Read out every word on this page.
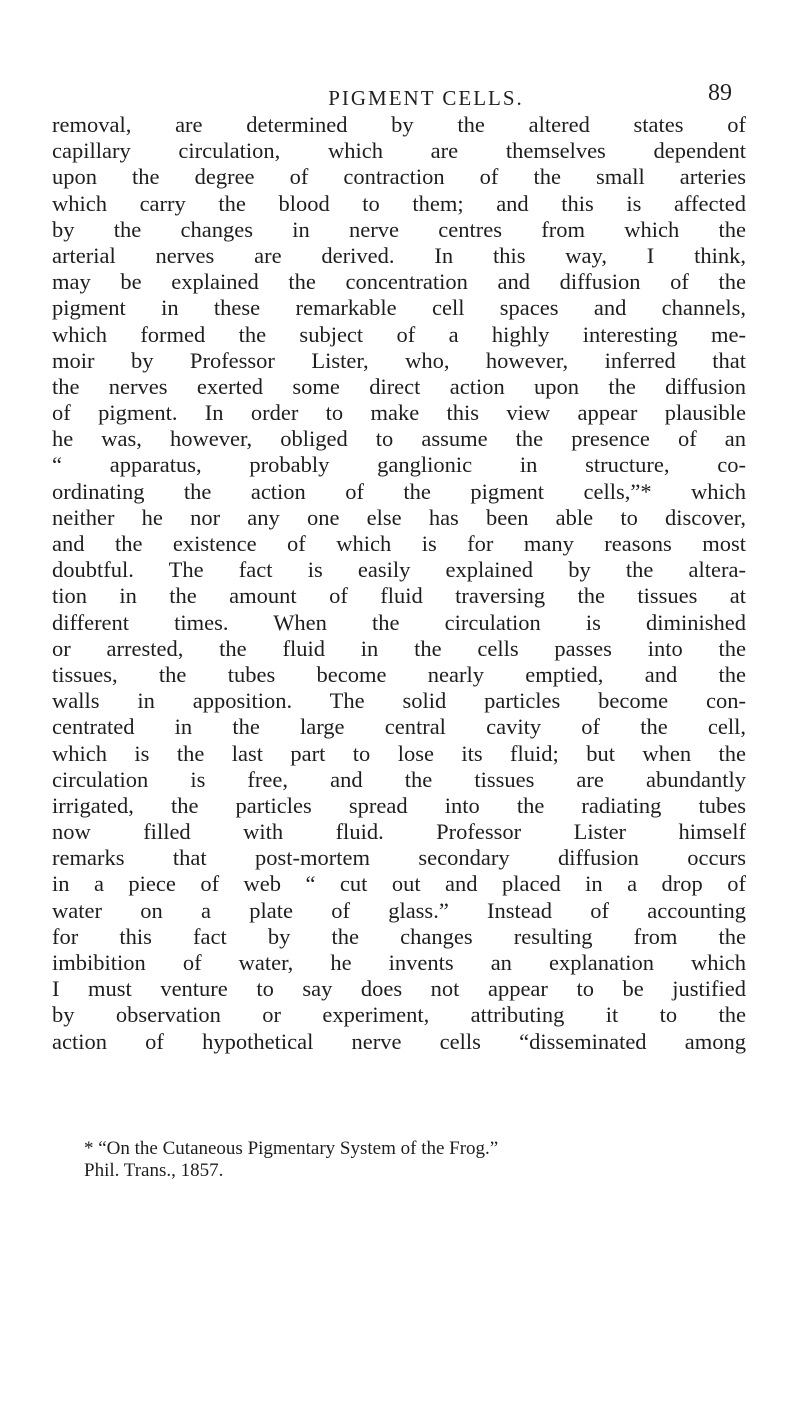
PIGMENT CELLS.	89
removal, are determined by the altered states of
capillary circulation, which are themselves dependent
upon the degree of contraction of the small arteries
which carry the blood to them; and this is affected
by the changes in nerve centres from which the
arterial nerves are derived. In this way, I think,
may be explained the concentration and diffusion of the
pigment in these remarkable cell spaces and channels,
which formed the subject of a highly interesting me-
moir by Professor Lister, who, however, inferred that
the nerves exerted some direct action upon the diffusion
of pigment. In order to make this view appear plausible
he was, however, obliged to assume the presence of an
“ apparatus, probably ganglionic in structure, co-
ordinating the action of the pigment cells,”* which
neither he nor any one else has been able to discover,
and the existence of which is for many reasons most
doubtful. The fact is easily explained by the altera-
tion in the amount of fluid traversing the tissues at
different times. When the circulation is diminished
or arrested, the fluid in the cells passes into the
tissues, the tubes become nearly emptied, and the
walls in apposition. The solid particles become con-
centrated in the large central cavity of the cell,
which is the last part to lose its fluid; but when the
circulation is free, and the tissues are abundantly
irrigated, the particles spread into the radiating tubes
now filled with fluid. Professor Lister himself
remarks that post-mortem secondary diffusion occurs
in a piece of web “ cut out and placed in a drop of
water on a plate of glass.” Instead of accounting
for this fact by the changes resulting from the
imbibition of water, he invents an explanation which
I must venture to say does not appear to be justified
by observation or experiment, attributing it to the
action of hypothetical nerve cells “disseminated among
* “On the Cutaneous Pigmentary System of the Frog.”
Phil. Trans., 1857.
